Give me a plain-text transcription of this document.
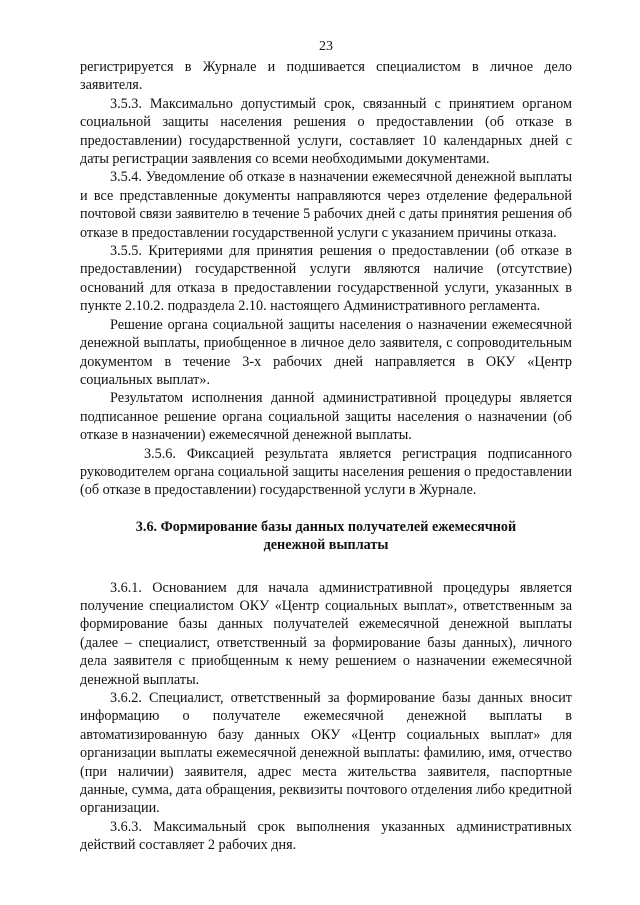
23

регистрируется в Журнале и подшивается специалистом в личное дело заявителя.

3.5.3. Максимально допустимый срок, связанный с принятием органом социальной защиты населения решения о предоставлении (об отказе в предоставлении) государственной услуги, составляет 10 календарных дней с даты регистрации заявления со всеми необходимыми документами.

3.5.4. Уведомление об отказе в назначении ежемесячной денежной выплаты и все представленные документы направляются через отделение федеральной почтовой связи заявителю в течение 5 рабочих дней с даты принятия решения об отказе в предоставлении государственной услуги с указанием причины отказа.

3.5.5. Критериями для принятия решения о предоставлении (об отказе в предоставлении) государственной услуги являются наличие (отсутствие) оснований для отказа в предоставлении государственной услуги, указанных в пункте 2.10.2. подраздела 2.10. настоящего Административного регламента.

Решение органа социальной защиты населения о назначении ежемесячной денежной выплаты, приобщенное в личное дело заявителя, с сопроводительным документом в течение 3-х рабочих дней направляется в ОКУ «Центр социальных выплат».

Результатом исполнения данной административной процедуры является подписанное решение органа социальной защиты населения о назначении (об отказе в назначении) ежемесячной денежной выплаты.

3.5.6. Фиксацией результата является регистрация подписанного руководителем органа социальной защиты населения решения о предоставлении (об отказе в предоставлении) государственной услуги в Журнале.

3.6. Формирование базы данных получателей ежемесячной
денежной выплаты

3.6.1. Основанием для начала административной процедуры является получение специалистом ОКУ «Центр социальных выплат», ответственным за формирование базы данных получателей ежемесячной денежной выплаты (далее – специалист, ответственный за формирование базы данных), личного дела заявителя с приобщенным к нему решением о назначении ежемесячной денежной выплаты.

3.6.2. Специалист, ответственный за формирование базы данных вносит информацию о получателе ежемесячной денежной выплаты в автоматизированную базу данных ОКУ «Центр социальных выплат» для организации выплаты ежемесячной денежной выплаты: фамилию, имя, отчество (при наличии) заявителя, адрес места жительства заявителя, паспортные данные, сумма, дата обращения, реквизиты почтового отделения либо кредитной организации.

3.6.3. Максимальный срок выполнения указанных административных действий составляет 2 рабочих дня.
